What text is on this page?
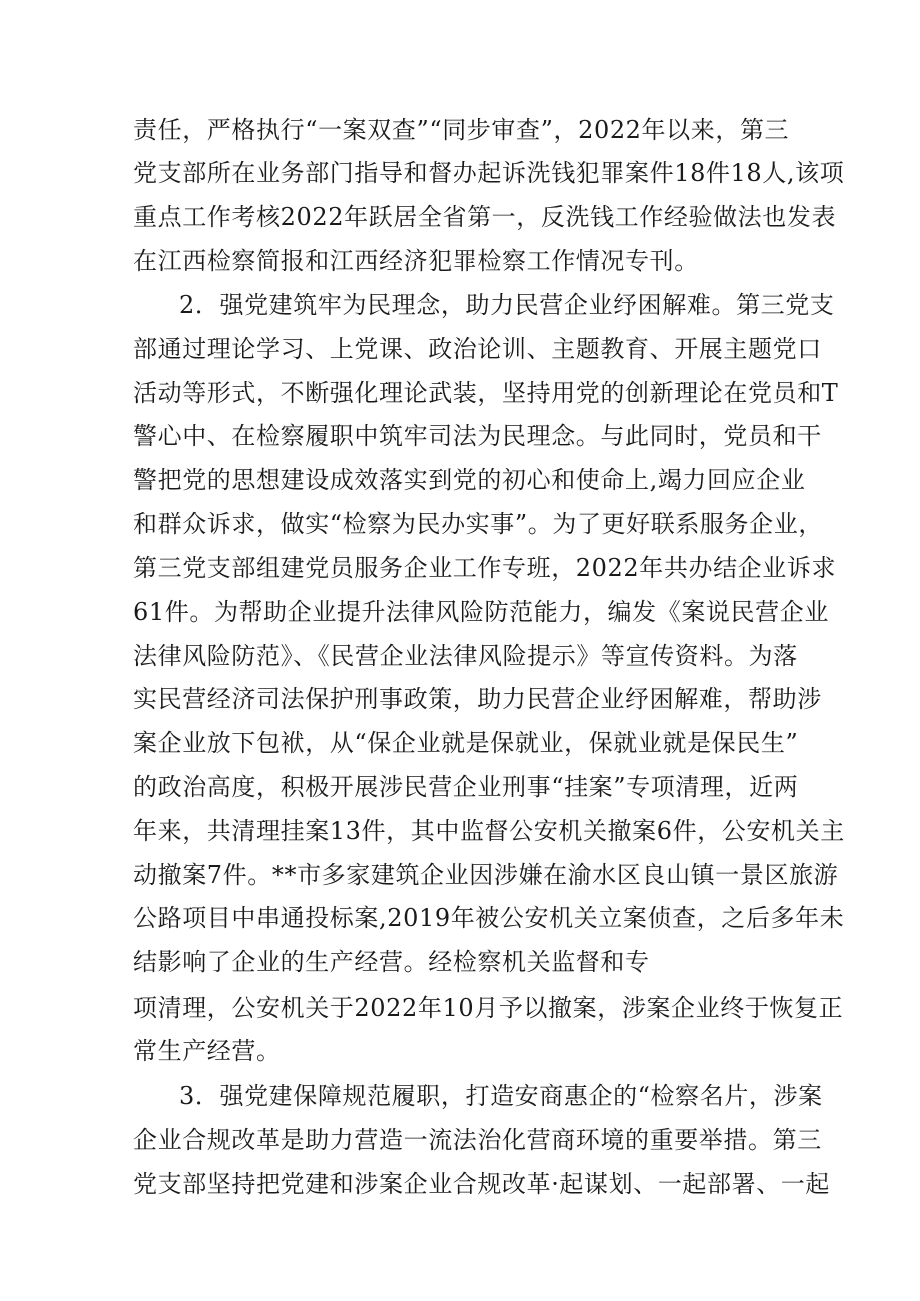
责任，严格执行“一案双查”“同步审查”，2022年以来，第三
党支部所在业务部门指导和督办起诉洗钱犯罪案件18件18人,该项
重点工作考核2022年跃居全省第一，反洗钱工作经验做法也发表
在江西检察简报和江西经济犯罪检察工作情况专刊。
2．强党建筑牢为民理念，助力民营企业纾困解难。第三党支
部通过理论学习、上党课、政治论训、主题教育、开展主题党口
活动等形式，不断强化理论武装，坚持用党的创新理论在党员和T
警心中、在检察履职中筑牢司法为民理念。与此同时，党员和干
警把党的思想建设成效落实到党的初心和使命上,竭力回应企业
和群众诉求，做实“检察为民办实事”。为了更好联系服务企业，
第三党支部组建党员服务企业工作专班，2022年共办结企业诉求
61件。为帮助企业提升法律风险防范能力，编发《案说民营企业
法律风险防范》、《民营企业法律风险提示》等宣传资料。为落
实民营经济司法保护刑事政策，助力民营企业纾困解难，帮助涉
案企业放下包袱，从“保企业就是保就业，保就业就是保民生”
的政治高度，积极开展涉民营企业刑事“挂案”专项清理，近两
年来，共清理挂案13件，其中监督公安机关撤案6件，公安机关主
动撤案7件。**市多家建筑企业因涉嫌在渝水区良山镇一景区旅游
公路项目中串通投标案,2019年被公安机关立案侦查，之后多年未
结影响了企业的生产经营。经检察机关监督和专
项清理，公安机关于2022年10月予以撤案，涉案企业终于恢复正
常生产经营。
3．强党建保障规范履职，打造安商惠企的“检察名片，涉案
企业合规改革是助力营造一流法治化营商环境的重要举措。第三
党支部坚持把党建和涉案企业合规改革·起谋划、一起部署、一起
